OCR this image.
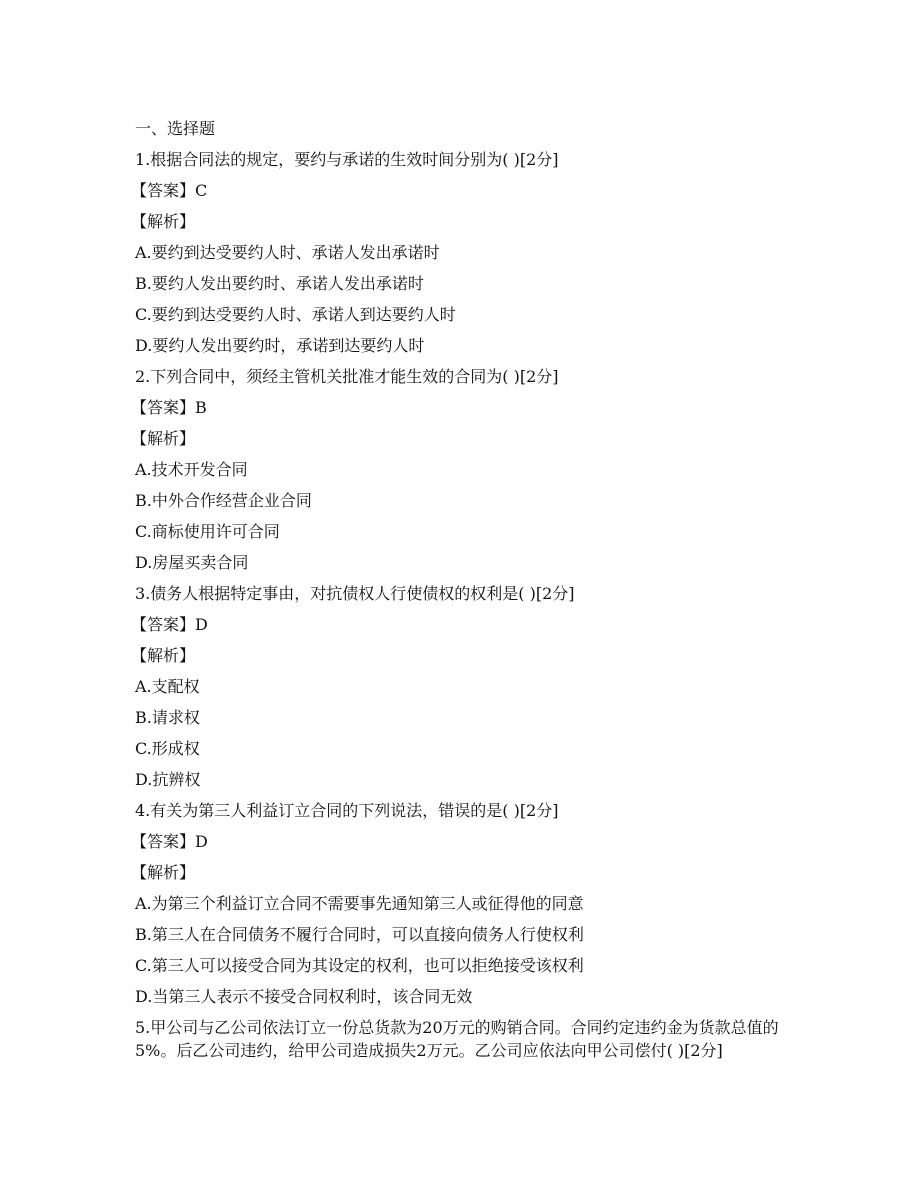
一、选择题
1.根据合同法的规定，要约与承诺的生效时间分别为( )[2分]
【答案】C
【解析】
A.要约到达受要约人时、承诺人发出承诺时
B.要约人发出要约时、承诺人发出承诺时
C.要约到达受要约人时、承诺人到达要约人时
D.要约人发出要约时，承诺到达要约人时
2.下列合同中，须经主管机关批准才能生效的合同为( )[2分]
【答案】B
【解析】
A.技术开发合同
B.中外合作经营企业合同
C.商标使用许可合同
D.房屋买卖合同
3.债务人根据特定事由，对抗债权人行使债权的权利是( )[2分]
【答案】D
【解析】
A.支配权
B.请求权
C.形成权
D.抗辨权
4.有关为第三人利益订立合同的下列说法，错误的是( )[2分]
【答案】D
【解析】
A.为第三个利益订立合同不需要事先通知第三人或征得他的同意
B.第三人在合同债务不履行合同时，可以直接向债务人行使权利
C.第三人可以接受合同为其设定的权利，也可以拒绝接受该权利
D.当第三人表示不接受合同权利时，该合同无效
5.甲公司与乙公司依法订立一份总货款为20万元的购销合同。合同约定违约金为货款总值的5%。后乙公司违约，给甲公司造成损失2万元。乙公司应依法向甲公司偿付( )[2分]
